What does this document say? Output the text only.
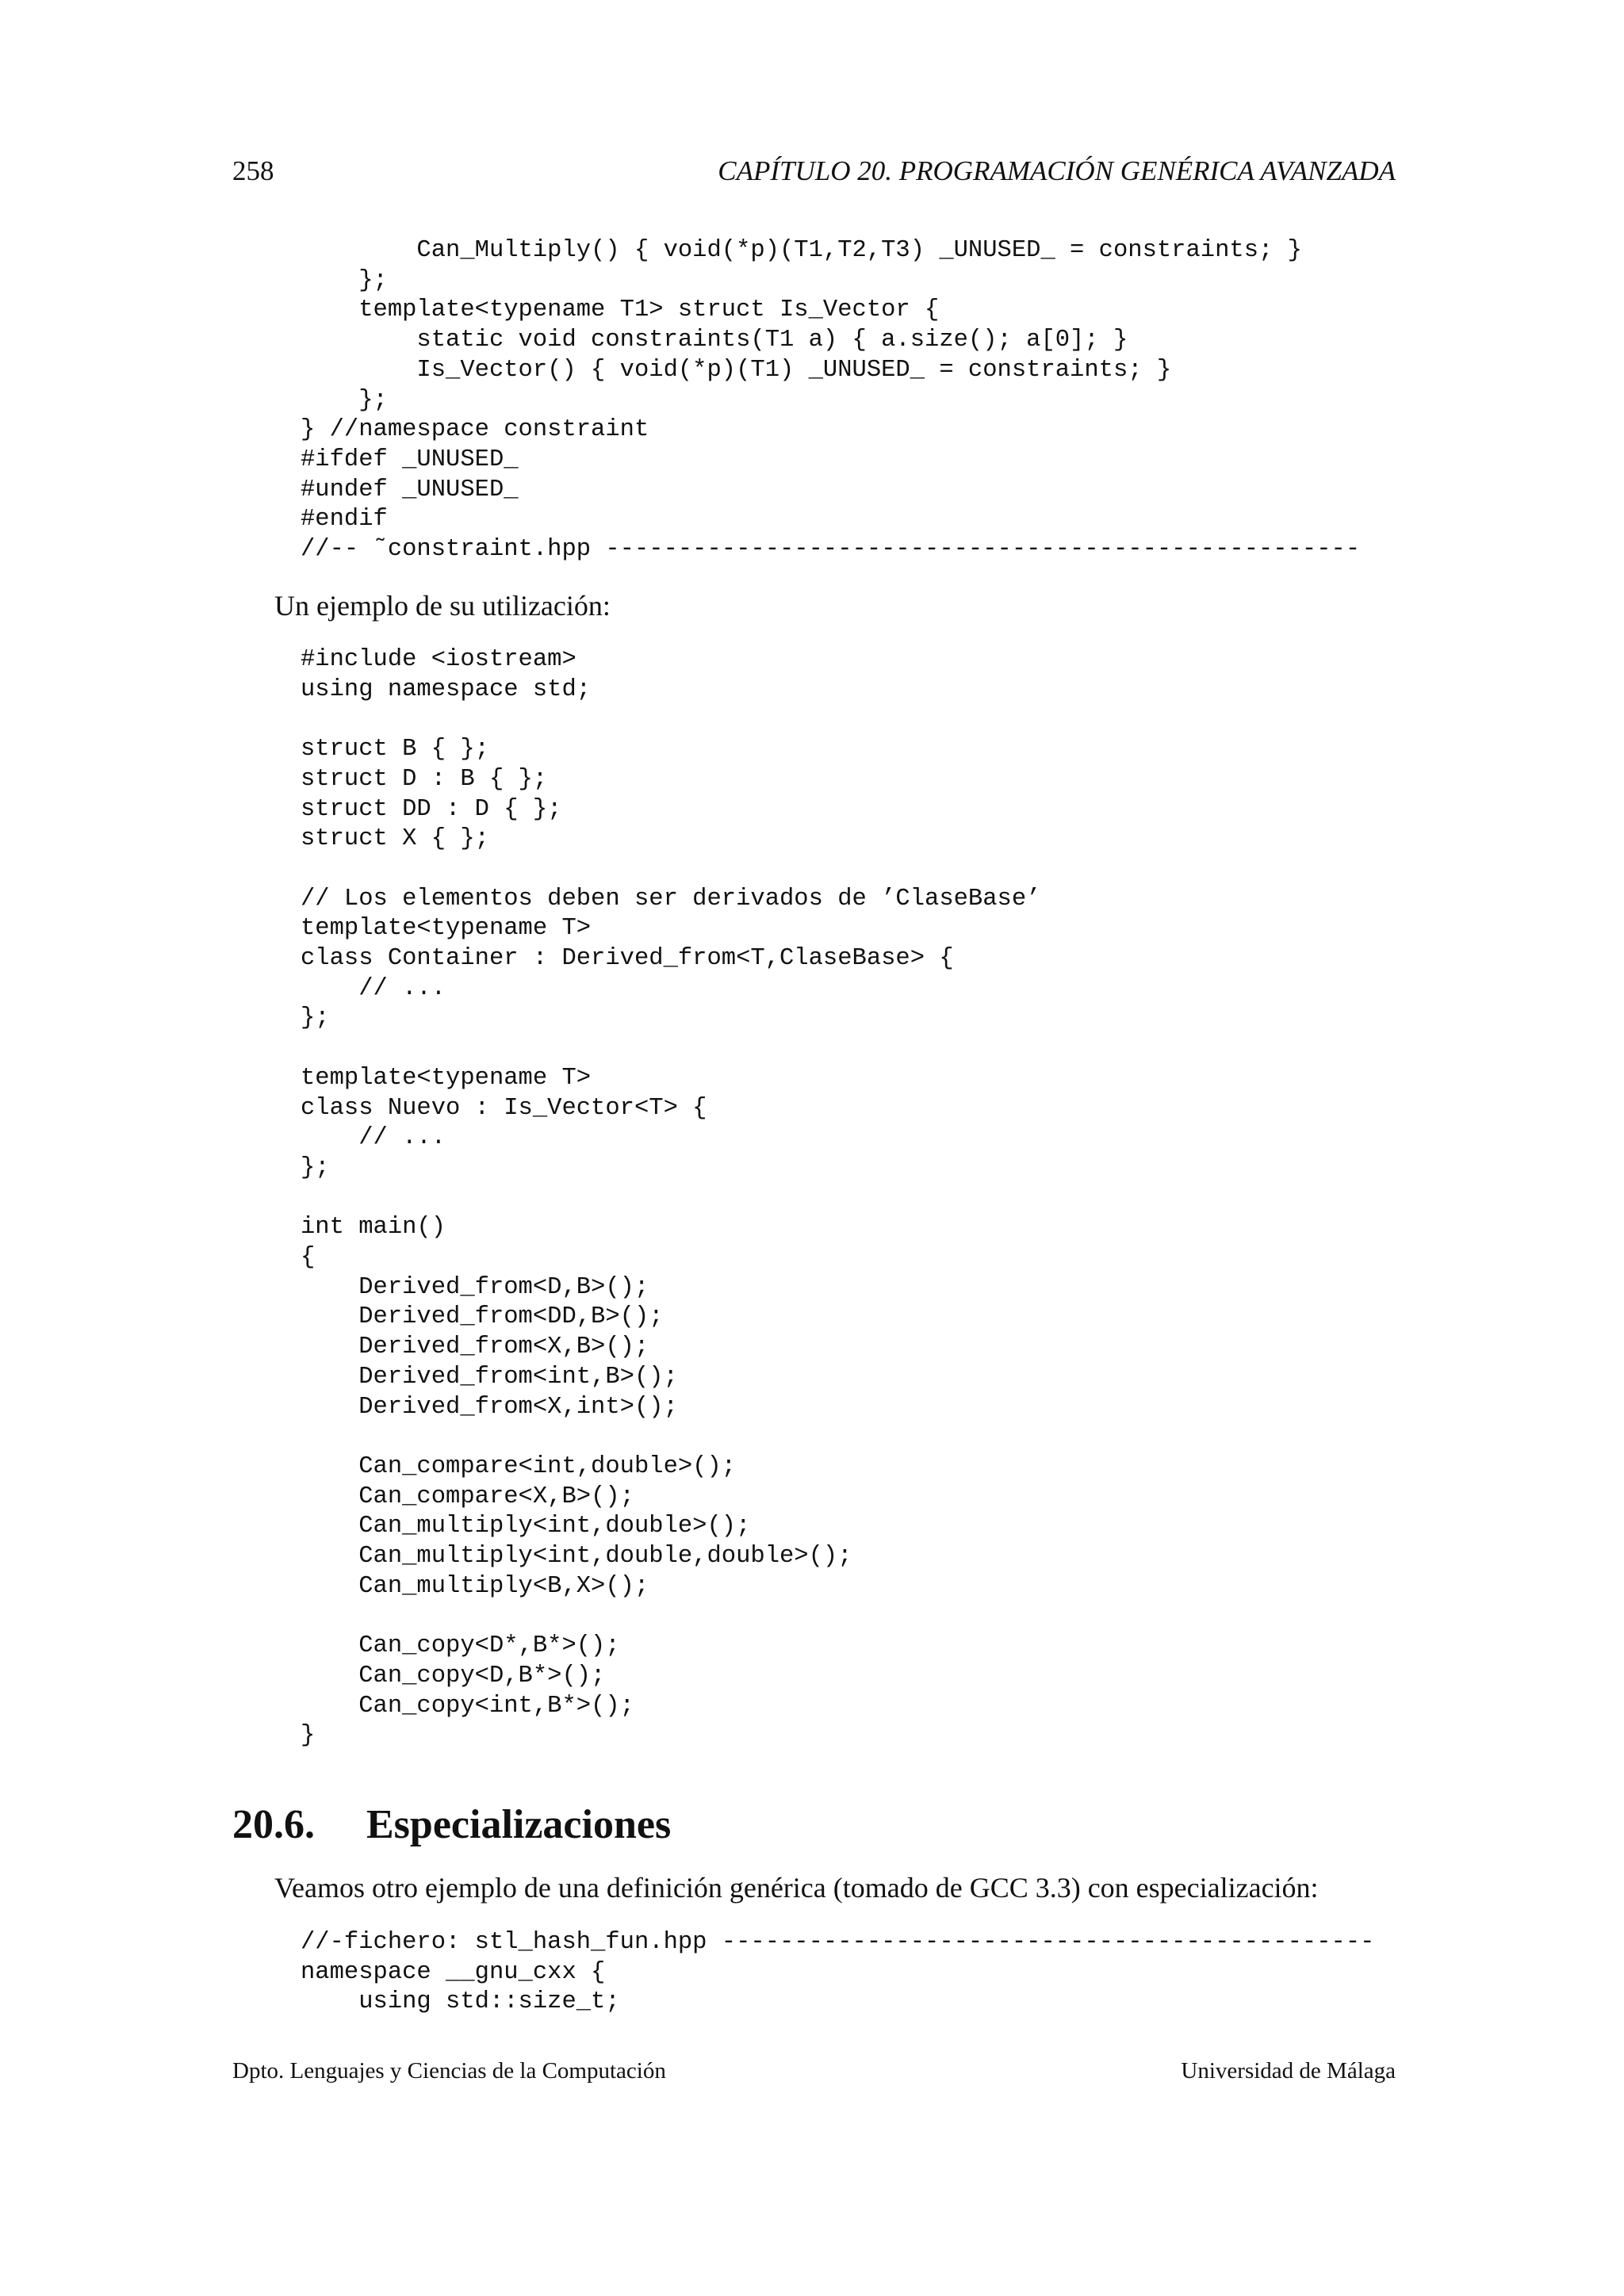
258	CAPÍTULO 20. PROGRAMACIÓN GENÉRICA AVANZADA
Can_Multiply() { void(*p)(T1,T2,T3) _UNUSED_ = constraints; }
};
template<typename T1> struct Is_Vector {
static void constraints(T1 a) { a.size(); a[0]; }
Is_Vector() { void(*p)(T1) _UNUSED_ = constraints; }
};
} //namespace constraint
#ifdef _UNUSED_
#undef _UNUSED_
#endif
//-- ˜constraint.hpp ----------------------------------------------------

Un ejemplo de su utilización:

#include <iostream>
using namespace std;

struct B { };
struct D : B { };
struct DD : D { };
struct X { };

// Los elementos deben ser derivados de ’ClaseBase’
template<typename T>
class Container : Derived_from<T,ClaseBase> {
// ...
};

template<typename T>
class Nuevo : Is_Vector<T> {
// ...
};

int main()
{
Derived_from<D,B>();
Derived_from<DD,B>();
Derived_from<X,B>();
Derived_from<int,B>();
Derived_from<X,int>();

Can_compare<int,double>();
Can_compare<X,B>();
Can_multiply<int,double>();
Can_multiply<int,double,double>();
Can_multiply<B,X>();

Can_copy<D*,B*>();
Can_copy<D,B*>();
Can_copy<int,B*>();
}
20.6. Especializaciones

Veamos otro ejemplo de una definición genérica (tomado de GCC 3.3) con especialización:

//-fichero: stl_hash_fun.hpp ---------------------------------------------
namespace __gnu_cxx {
using std::size_t;
Dpto. Lenguajes y Ciencias de la Computación	Universidad de Málaga
